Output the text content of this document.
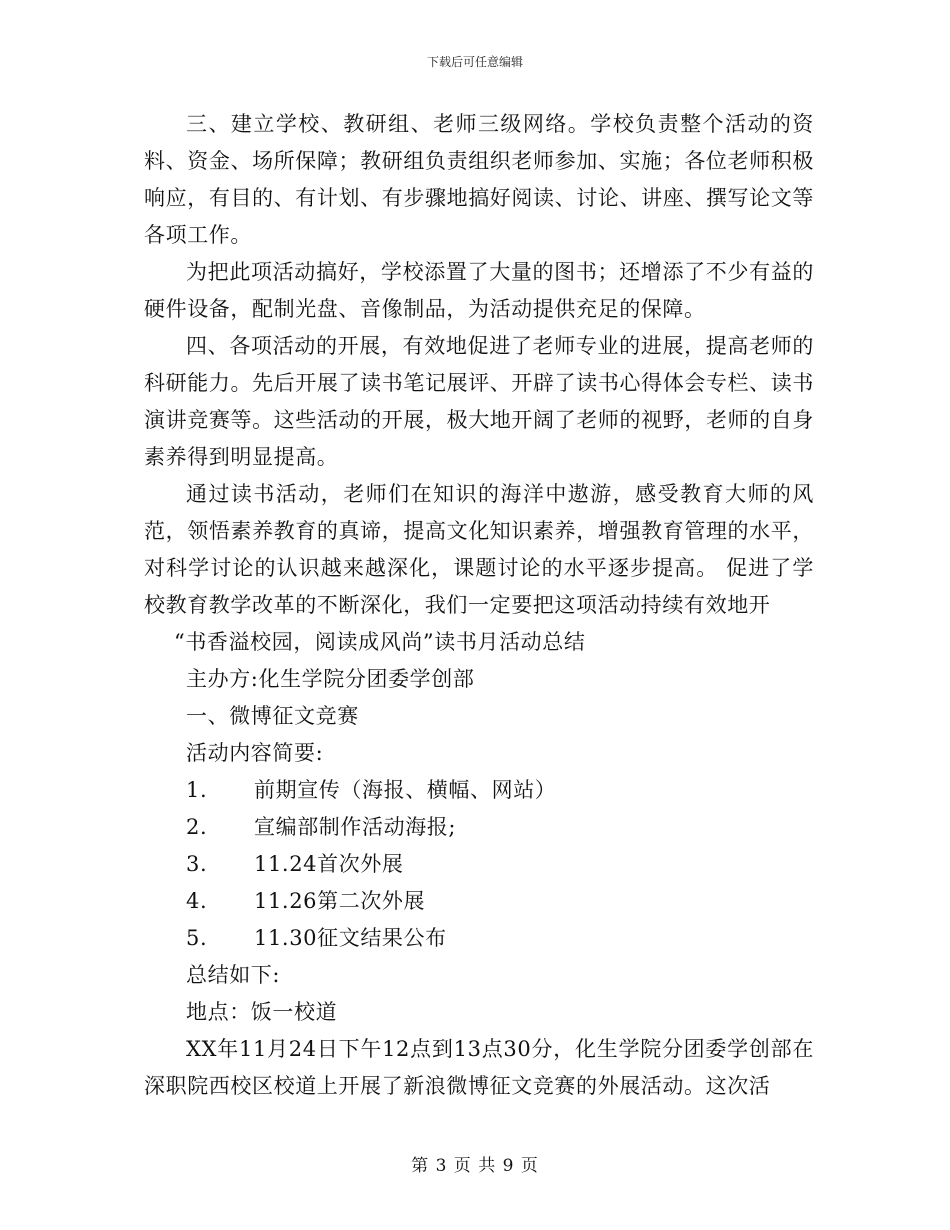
下载后可任意编辑

三、建立学校、教研组、老师三级网络。学校负责整个活动的资料、资金、场所保障；教研组负责组织老师参加、实施；各位老师积极响应，有目的、有计划、有步骤地搞好阅读、讨论、讲座、撰写论文等各项工作。

为把此项活动搞好，学校添置了大量的图书；还增添了不少有益的硬件设备，配制光盘、音像制品，为活动提供充足的保障。

四、各项活动的开展，有效地促进了老师专业的进展，提高老师的科研能力。先后开展了读书笔记展评、开辟了读书心得体会专栏、读书演讲竞赛等。这些活动的开展，极大地开阔了老师的视野，老师的自身素养得到明显提高。

通过读书活动，老师们在知识的海洋中遨游，感受教育大师的风范，领悟素养教育的真谛，提高文化知识素养，增强教育管理的水平，对科学讨论的认识越来越深化，课题讨论的水平逐步提高。 促进了学校教育教学改革的不断深化，我们一定要把这项活动持续有效地开

“书香溢校园，阅读成风尚”读书月活动总结

主办方:化生学院分团委学创部

一、微博征文竞赛

活动内容简要:

1.	前期宣传（海报、横幅、网站）
2.	宣编部制作活动海报;
3.	11.24首次外展
4.	11.26第二次外展
5.	11.30征文结果公布

总结如下:

地点：饭一校道

XX年11月24日下午12点到13点30分，化生学院分团委学创部在深职院西校区校道上开展了新浪微博征文竞赛的外展活动。这次活

第 3 页 共 9 页
